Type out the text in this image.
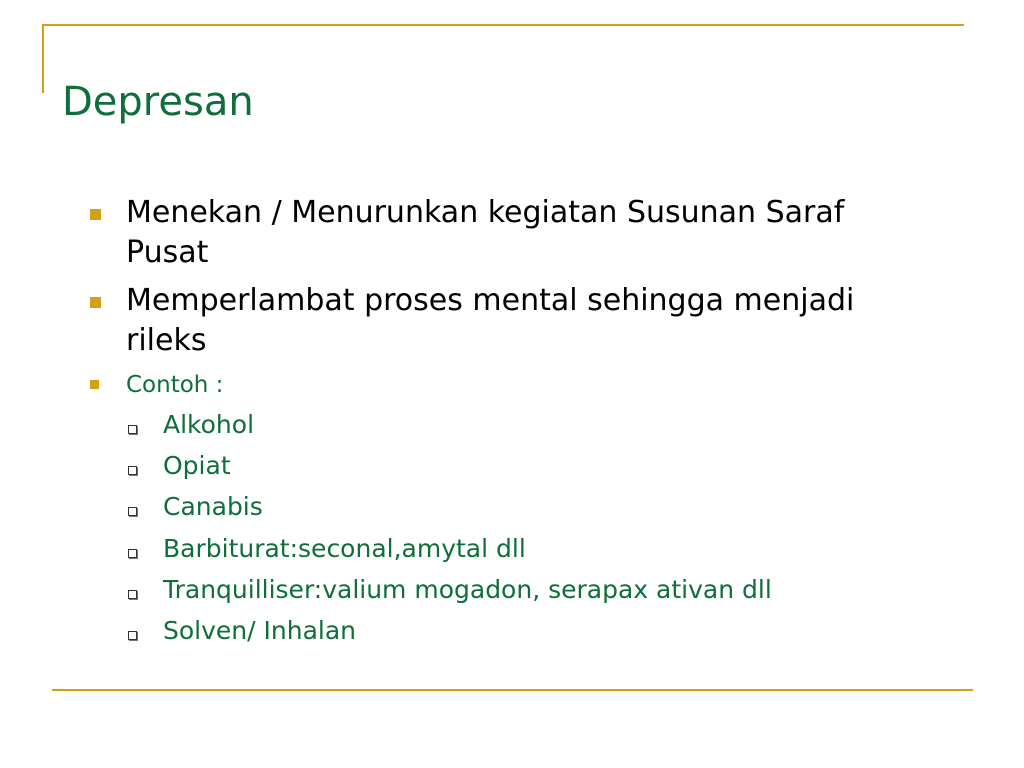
Depresan
Menekan / Menurunkan kegiatan Susunan Saraf
Pusat
Memperlambat proses mental sehingga menjadi
rileks
Contoh :
Alkohol
Opiat
Canabis
Barbiturat:seconal,amytal dll
Tranquilliser:valium mogadon, serapax ativan dll
Solven/ Inhalan
